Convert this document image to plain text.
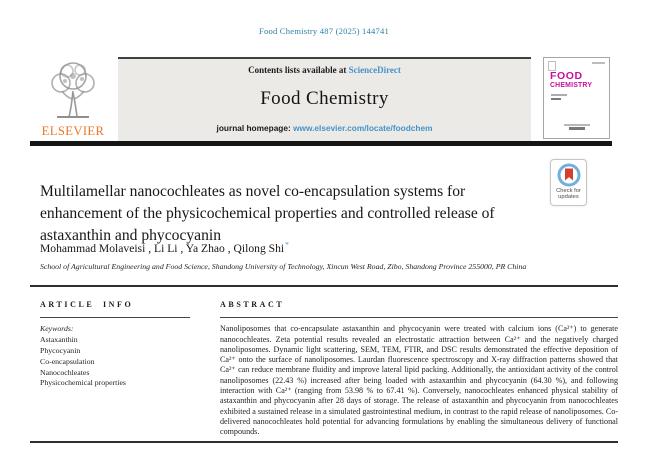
Food Chemistry 487 (2025) 144741
ELSEVIER
Contents lists available at ScienceDirect
Food Chemistry
journal homepage: www.elsevier.com/locate/foodchem
FOOD
CHEMISTRY
Check for
updates
Multilamellar nanocochleates as novel co-encapsulation systems for
enhancement of the physicochemical properties and controlled release of
astaxanthin and phycocyanin
Mohammad Molaveisi , Li Li , Ya Zhao , Qilong Shi*
School of Agricultural Engineering and Food Science, Shandong University of Technology, Xincun West Road, Zibo, Shandong Province 255000, PR China
ARTICLE INFO
Keywords:
Astaxanthin
Phycocyanin
Co-encapsulation
Nanocochleates
Physicochemical properties
ABSTRACT

Nanoliposomes that co-encapsulate astaxanthin and phycocyanin were treated with calcium ions (Ca²⁺) to generate nanocochleates. Zeta potential results revealed an electrostatic attraction between Ca²⁺ and the negatively charged nanoliposomes. Dynamic light scattering, SEM, TEM, FTIR, and DSC results demonstrated the effective deposition of Ca²⁺ onto the surface of nanoliposomes. Laurdan fluorescence spectroscopy and X-ray diffraction patterns showed that Ca²⁺ can reduce membrane fluidity and improve lateral lipid packing. Additionally, the antioxidant activity of the control nanoliposomes (22.43 %) increased after being loaded with astaxanthin and phycocyanin (64.30 %), and following interaction with Ca²⁺ (ranging from 53.98 % to 67.41 %). Conversely, nanocochleates enhanced physical stability of astaxanthin and phycocyanin after 28 days of storage. The release of astaxanthin and phycocyanin from nanocochleates exhibited a sustained release in a simulated gastrointestinal medium, in contrast to the rapid release of nanoliposomes. Co-delivered nanocochleates hold potential for advancing formulations by enabling the simultaneous delivery of functional compounds.
